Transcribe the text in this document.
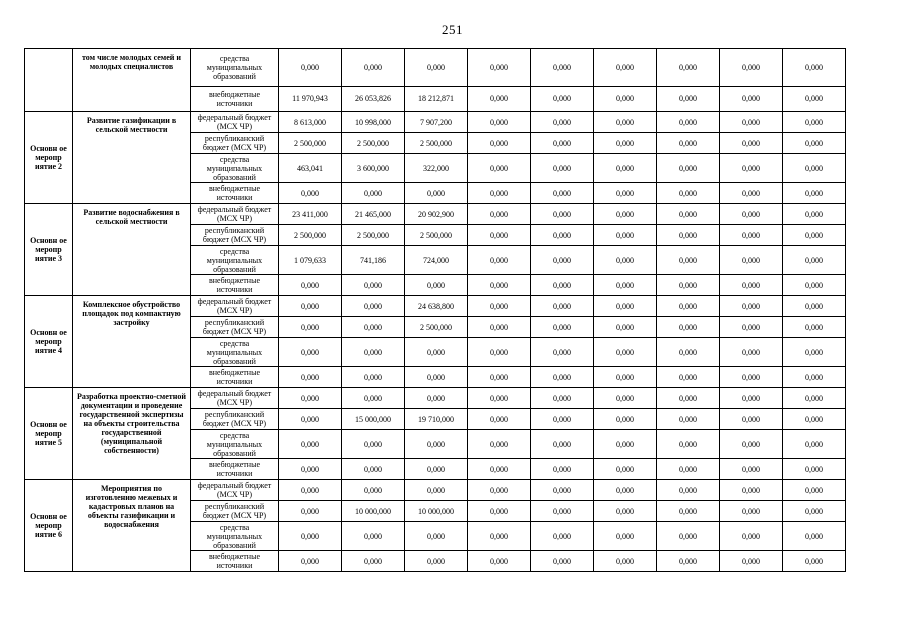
251
	том числе молодых семей и молодых специалистов	средства муниципальных образований	0,000	0,000	0,000	0,000	0,000	0,000	0,000	0,000	0,000
		внебюджетные источники	11 970,943	26 053,826	18 212,871	0,000	0,000	0,000	0,000	0,000	0,000
Основн ое меропр иятие 2	Развитие газификации в сельской местности	федеральный бюджет (МСХ ЧР)	8 613,000	10 998,000	7 907,200	0,000	0,000	0,000	0,000	0,000	0,000
		республиканский бюджет (МСХ ЧР)	2 500,000	2 500,000	2 500,000	0,000	0,000	0,000	0,000	0,000	0,000
		средства муниципальных образований	463,041	3 600,000	322,000	0,000	0,000	0,000	0,000	0,000	0,000
		внебюджетные источники	0,000	0,000	0,000	0,000	0,000	0,000	0,000	0,000	0,000
Основн ое меропр иятие 3	Развитие водоснабжения в сельской местности	федеральный бюджет (МСХ ЧР)	23 411,000	21 465,000	20 902,900	0,000	0,000	0,000	0,000	0,000	0,000
		республиканский бюджет (МСХ ЧР)	2 500,000	2 500,000	2 500,000	0,000	0,000	0,000	0,000	0,000	0,000
		средства муниципальных образований	1 079,633	741,186	724,000	0,000	0,000	0,000	0,000	0,000	0,000
		внебюджетные источники	0,000	0,000	0,000	0,000	0,000	0,000	0,000	0,000	0,000
Основн ое меропр иятие 4	Комплексное обустройство площадок под компактную застройку	федеральный бюджет (МСХ ЧР)	0,000	0,000	24 638,800	0,000	0,000	0,000	0,000	0,000	0,000
		республиканский бюджет (МСХ ЧР)	0,000	0,000	2 500,000	0,000	0,000	0,000	0,000	0,000	0,000
		средства муниципальных образований	0,000	0,000	0,000	0,000	0,000	0,000	0,000	0,000	0,000
		внебюджетные источники	0,000	0,000	0,000	0,000	0,000	0,000	0,000	0,000	0,000
Основн ое меропр иятие 5	Разработка проектно-сметной документации и проведение государственной экспертизы на объекты строительства государственной (муниципальной собственности)	федеральный бюджет (МСХ ЧР)	0,000	0,000	0,000	0,000	0,000	0,000	0,000	0,000	0,000
		республиканский бюджет (МСХ ЧР)	0,000	15 000,000	19 710,000	0,000	0,000	0,000	0,000	0,000	0,000
		средства муниципальных образований	0,000	0,000	0,000	0,000	0,000	0,000	0,000	0,000	0,000
		внебюджетные источники	0,000	0,000	0,000	0,000	0,000	0,000	0,000	0,000	0,000
Основн ое меропр иятие 6	Мероприятия по изготовлению межевых и кадастровых планов на объекты газификации и водоснабжения	федеральный бюджет (МСХ ЧР)	0,000	0,000	0,000	0,000	0,000	0,000	0,000	0,000	0,000
		республиканский бюджет (МСХ ЧР)	0,000	10 000,000	10 000,000	0,000	0,000	0,000	0,000	0,000	0,000
		средства муниципальных образований	0,000	0,000	0,000	0,000	0,000	0,000	0,000	0,000	0,000
		внебюджетные источники	0,000	0,000	0,000	0,000	0,000	0,000	0,000	0,000	0,000
